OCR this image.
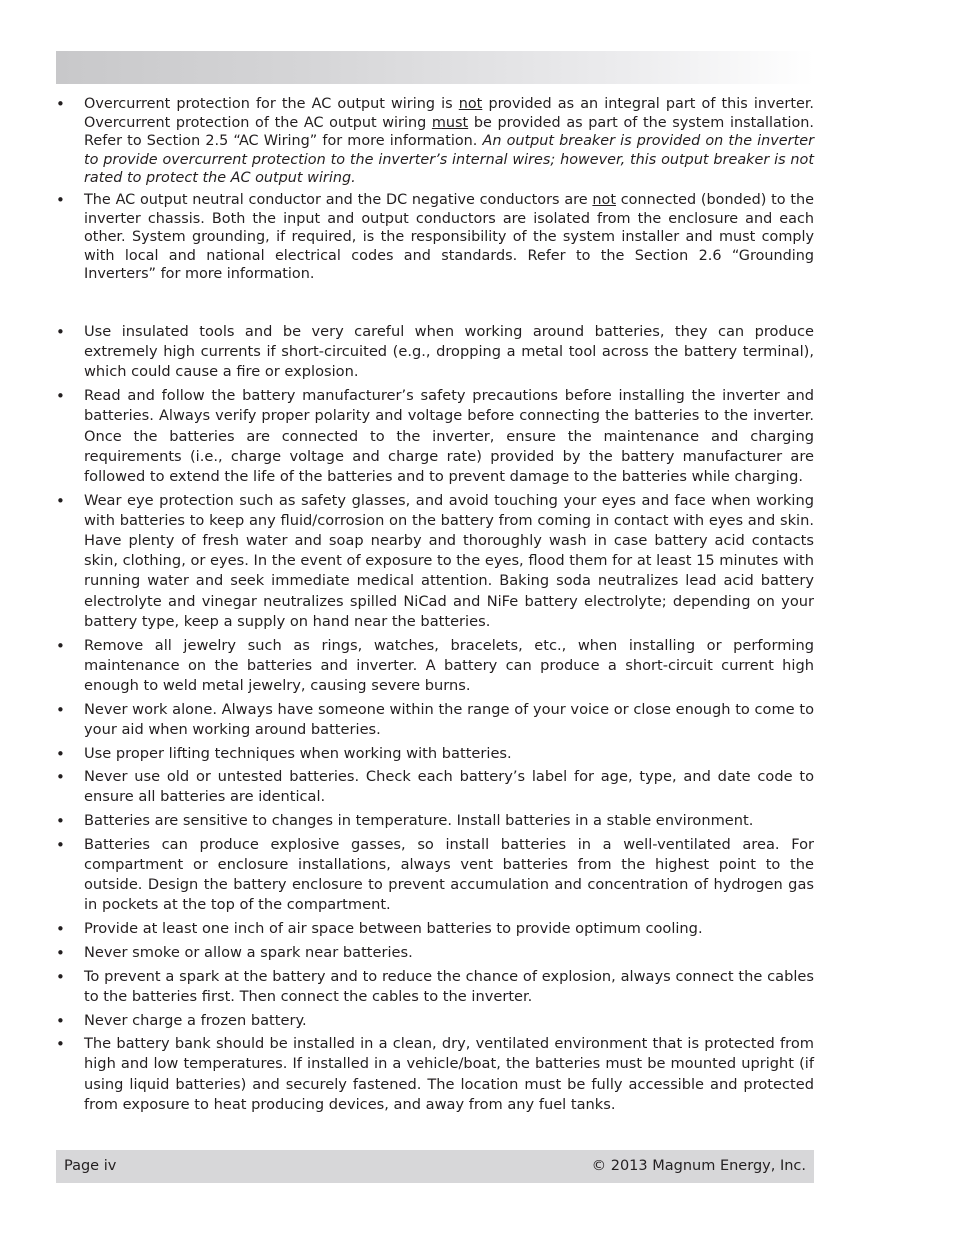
• Overcurrent protection for the AC output wiring is not provided as an integral part of this inverter. Overcurrent protection of the AC output wiring must be provided as part of the system installation. Refer to Section 2.5 “AC Wiring” for more information. An output breaker is provided on the inverter to provide overcurrent protection to the inverter’s internal wires; however, this output breaker is not rated to protect the AC output wiring.
• The AC output neutral conductor and the DC negative conductors are not connected (bonded) to the inverter chassis. Both the input and output conductors are isolated from the enclosure and each other. System grounding, if required, is the responsibility of the system installer and must comply with local and national electrical codes and standards. Refer to the Section 2.6 “Grounding Inverters” for more information.
• Use insulated tools and be very careful when working around batteries, they can produce extremely high currents if short-circuited (e.g., dropping a metal tool across the battery terminal), which could cause a fire or explosion.
• Read and follow the battery manufacturer’s safety precautions before installing the inverter and batteries. Always verify proper polarity and voltage before connecting the batteries to the inverter. Once the batteries are connected to the inverter, ensure the maintenance and charging requirements (i.e., charge voltage and charge rate) provided by the battery manufacturer are followed to extend the life of the batteries and to prevent damage to the batteries while charging.
• Wear eye protection such as safety glasses, and avoid touching your eyes and face when working with batteries to keep any fluid/corrosion on the battery from coming in contact with eyes and skin. Have plenty of fresh water and soap nearby and thoroughly wash in case battery acid contacts skin, clothing, or eyes. In the event of exposure to the eyes, flood them for at least 15 minutes with running water and seek immediate medical attention. Baking soda neutralizes lead acid battery electrolyte and vinegar neutralizes spilled NiCad and NiFe battery electrolyte; depending on your battery type, keep a supply on hand near the batteries.
• Remove all jewelry such as rings, watches, bracelets, etc., when installing or performing maintenance on the batteries and inverter. A battery can produce a short-circuit current high enough to weld metal jewelry, causing severe burns.
• Never work alone. Always have someone within the range of your voice or close enough to come to your aid when working around batteries.
• Use proper lifting techniques when working with batteries.
• Never use old or untested batteries. Check each battery’s label for age, type, and date code to ensure all batteries are identical.
• Batteries are sensitive to changes in temperature. Install batteries in a stable environment.
• Batteries can produce explosive gasses, so install batteries in a well-ventilated area. For compartment or enclosure installations, always vent batteries from the highest point to the outside. Design the battery enclosure to prevent accumulation and concentration of hydrogen gas in pockets at the top of the compartment.
• Provide at least one inch of air space between batteries to provide optimum cooling.
• Never smoke or allow a spark near batteries.
• To prevent a spark at the battery and to reduce the chance of explosion, always connect the cables to the batteries first. Then connect the cables to the inverter.
• Never charge a frozen battery.
• The battery bank should be installed in a clean, dry, ventilated environment that is protected from high and low temperatures. If installed in a vehicle/boat, the batteries must be mounted upright (if using liquid batteries) and securely fastened. The location must be fully accessible and protected from exposure to heat producing devices, and away from any fuel tanks.
Page iv	© 2013 Magnum Energy, Inc.
